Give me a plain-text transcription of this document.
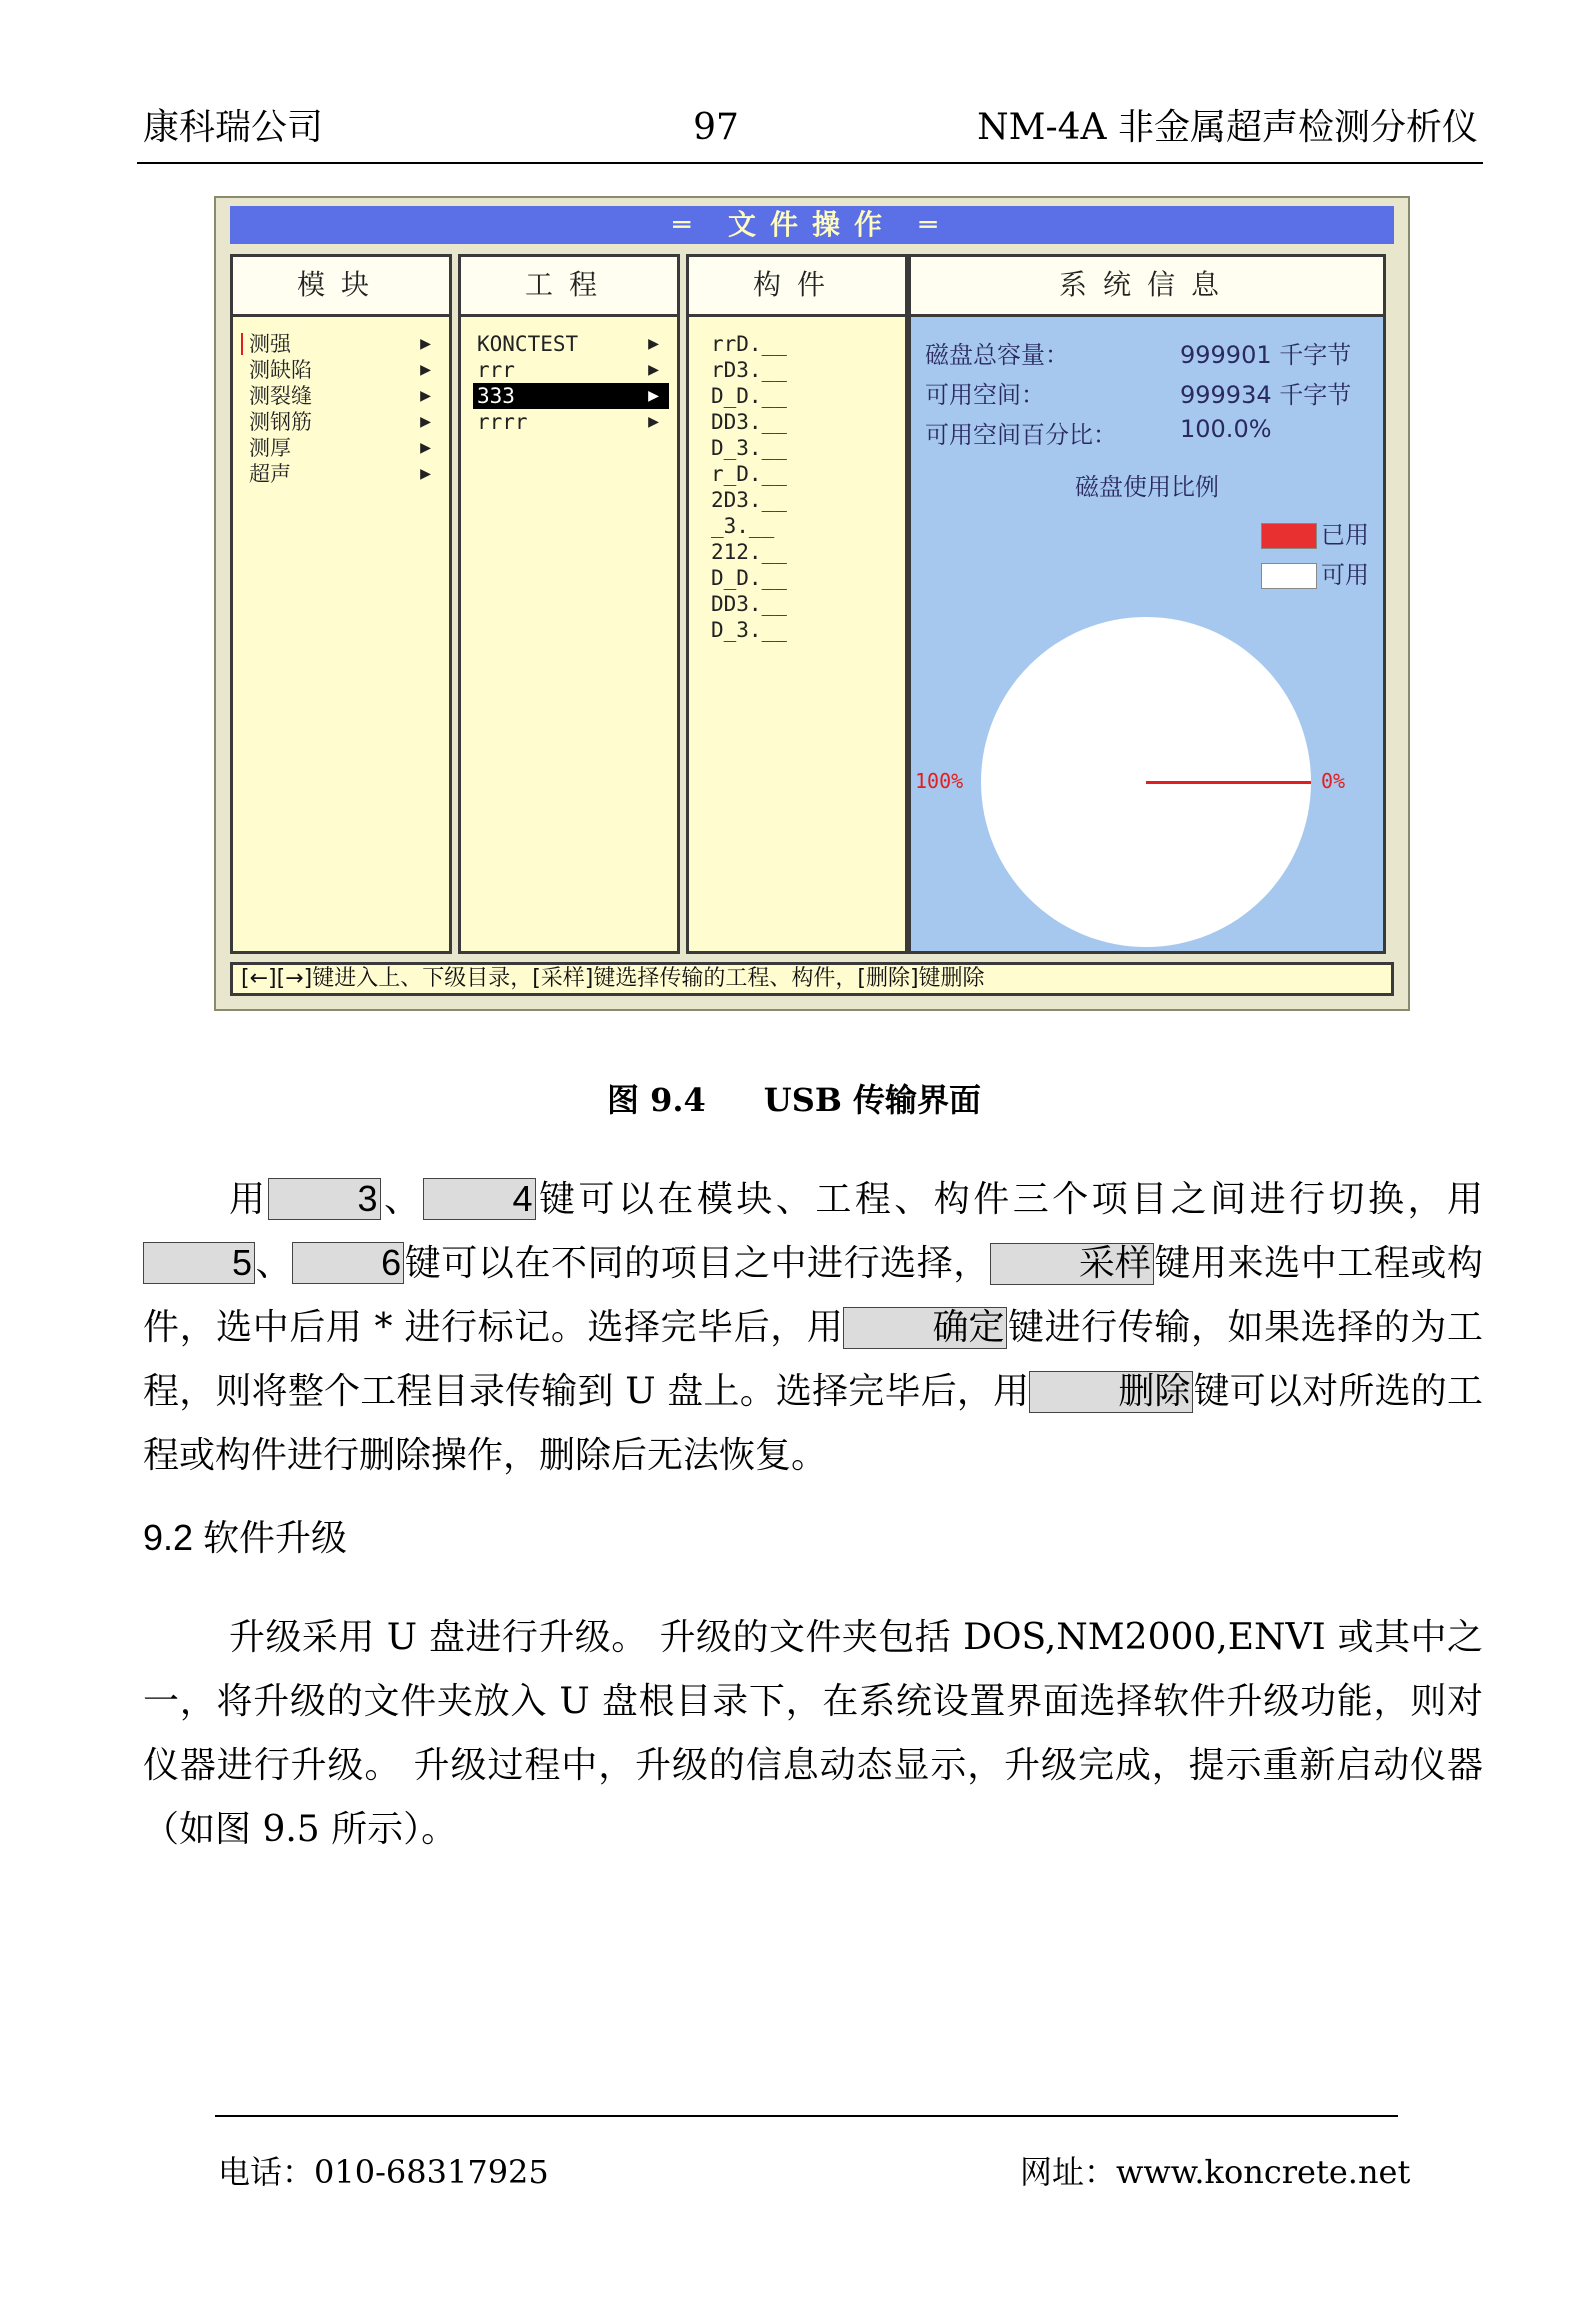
康科瑞公司	97	NM-4A 非金属超声检测分析仪
═ 文件操作 ═
模块
测强	▶
测缺陷	▶
测裂缝	▶
测钢筋	▶
测厚	▶
超声	▶
工程
KONCTEST	▶
rrr	▶
333	▶
rrrr	▶
构件
rrD.__
rD3.__
D_D.__
DD3.__
D_3.__
r_D.__
2D3.__
_3.__
212.__
D_D.__
DD3.__
D_3.__
系统信息
磁盘总容量：	999901 千字节
可用空间：	999934 千字节
可用空间百分比：	100.0%
磁盘使用比例
已用
可用
100%	0%
[←][→]键进入上、下级目录，[采样]键选择传输的工程、构件，[删除]键删除
图 9.4 USB 传输界面
用 3、 4键可以在模块、工程、构件三个项目之间进行切换，用5、 6键可以在不同的项目之中进行选择， 采样键用来选中工程或构件，选中后用 * 进行标记。选择完毕后，用 确定键进行传输，如果选择的为工程，则将整个工程目录传输到 U 盘上。选择完毕后，用 删除键可以对所选的工程或构件进行删除操作，删除后无法恢复。
9.2 软件升级
升级采用 U 盘进行升级。 升级的文件夹包括 DOS,NM2000,ENVI 或其中之一，将升级的文件夹放入 U 盘根目录下，在系统设置界面选择软件升级功能，则对仪器进行升级。 升级过程中，升级的信息动态显示，升级完成，提示重新启动仪器（如图 9.5 所示）。
电话：010-68317925	网址：www.koncrete.net
